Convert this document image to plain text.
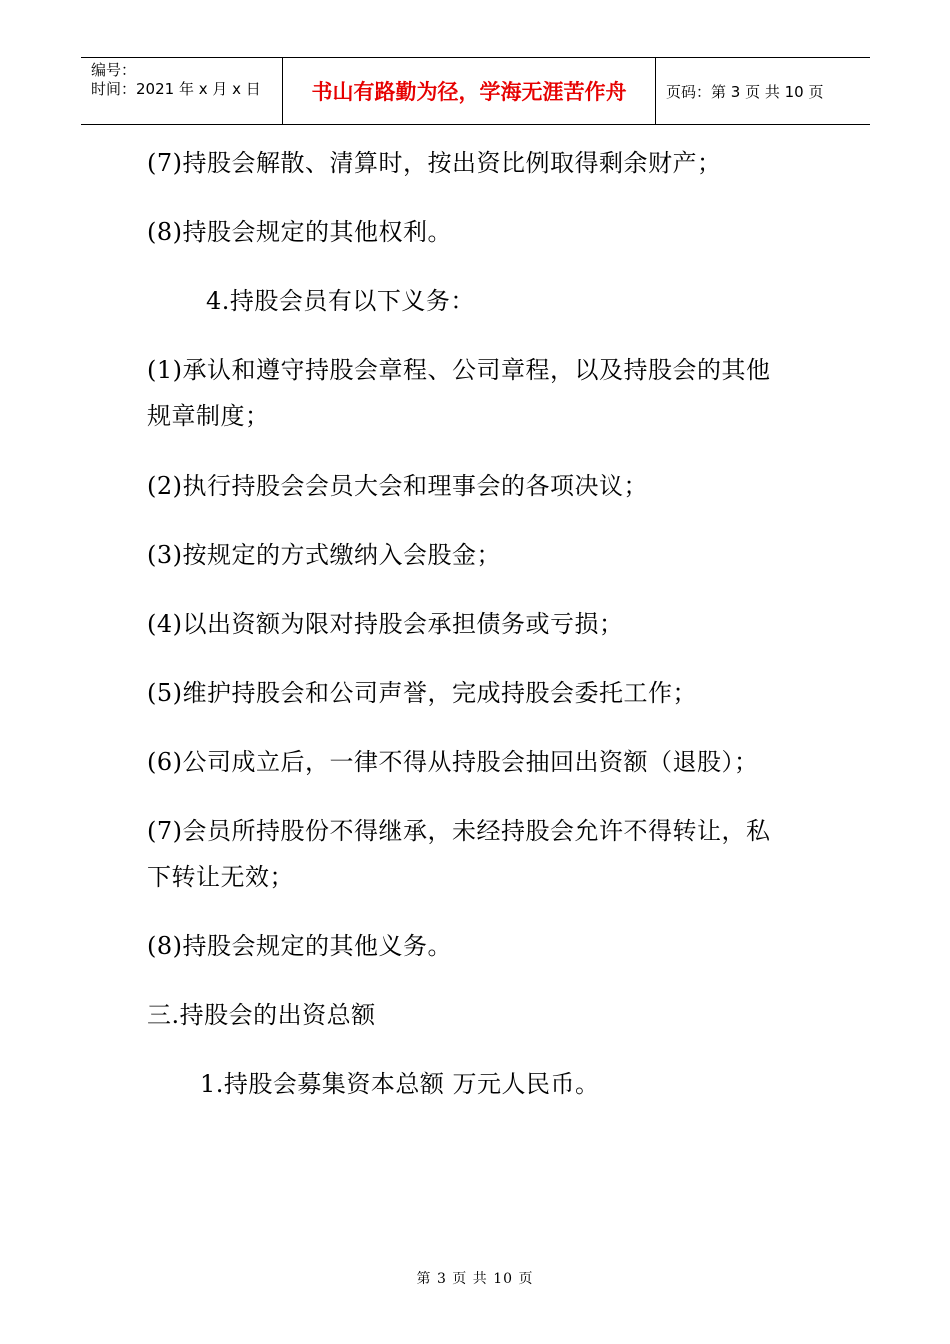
编号：
时间：2021 年 x 月 x 日	书山有路勤为径，学海无涯苦作舟	页码：第 3 页 共 10 页
(7)持股会解散、清算时，按出资比例取得剩余财产；
(8)持股会规定的其他权利。
4.持股会员有以下义务：
(1)承认和遵守持股会章程、公司章程，以及持股会的其他
规章制度；
(2)执行持股会会员大会和理事会的各项决议；
(3)按规定的方式缴纳入会股金；
(4)以出资额为限对持股会承担债务或亏损；
(5)维护持股会和公司声誉，完成持股会委托工作；
(6)公司成立后，一律不得从持股会抽回出资额（退股）；
(7)会员所持股份不得继承，未经持股会允许不得转让，私
下转让无效；
(8)持股会规定的其他义务。
三.持股会的出资总额
1.持股会募集资本总额 万元人民币。
第 3 页 共 10 页
